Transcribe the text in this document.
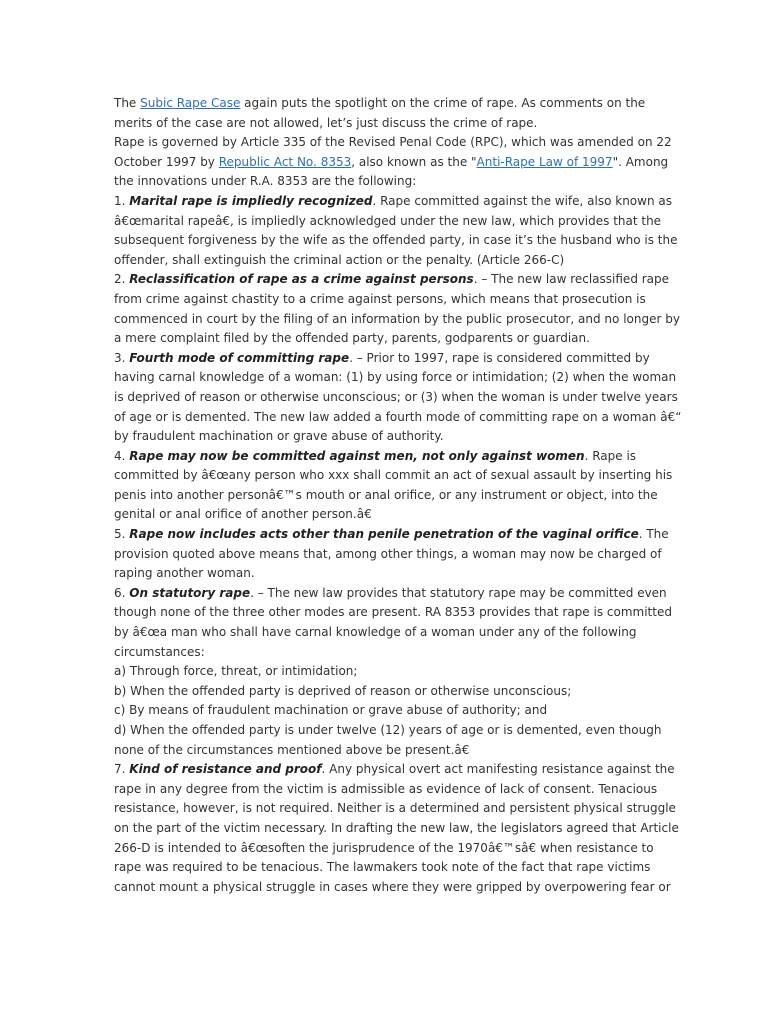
The Subic Rape Case again puts the spotlight on the crime of rape. As comments on the
merits of the case are not allowed, let’s just discuss the crime of rape.
Rape is governed by Article 335 of the Revised Penal Code (RPC), which was amended on 22
October 1997 by Republic Act No. 8353, also known as the "Anti-Rape Law of 1997". Among
the innovations under R.A. 8353 are the following:
1. Marital rape is impliedly recognized. Rape committed against the wife, also known as
â€œmarital rapeâ€, is impliedly acknowledged under the new law, which provides that the
subsequent forgiveness by the wife as the offended party, in case it’s the husband who is the
offender, shall extinguish the criminal action or the penalty. (Article 266-C)
2. Reclassification of rape as a crime against persons. – The new law reclassified rape
from crime against chastity to a crime against persons, which means that prosecution is
commenced in court by the filing of an information by the public prosecutor, and no longer by
a mere complaint filed by the offended party, parents, godparents or guardian.
3. Fourth mode of committing rape. – Prior to 1997, rape is considered committed by
having carnal knowledge of a woman: (1) by using force or intimidation; (2) when the woman
is deprived of reason or otherwise unconscious; or (3) when the woman is under twelve years
of age or is demented. The new law added a fourth mode of committing rape on a woman â€“
by fraudulent machination or grave abuse of authority.
4. Rape may now be committed against men, not only against women. Rape is
committed by â€œany person who xxx shall commit an act of sexual assault by inserting his
penis into another personâ€™s mouth or anal orifice, or any instrument or object, into the
genital or anal orifice of another person.â€
5. Rape now includes acts other than penile penetration of the vaginal orifice. The
provision quoted above means that, among other things, a woman may now be charged of
raping another woman.
6. On statutory rape. – The new law provides that statutory rape may be committed even
though none of the three other modes are present. RA 8353 provides that rape is committed
by â€œa man who shall have carnal knowledge of a woman under any of the following
circumstances:
a) Through force, threat, or intimidation;
b) When the offended party is deprived of reason or otherwise unconscious;
c) By means of fraudulent machination or grave abuse of authority; and
d) When the offended party is under twelve (12) years of age or is demented, even though
none of the circumstances mentioned above be present.â€
7. Kind of resistance and proof. Any physical overt act manifesting resistance against the
rape in any degree from the victim is admissible as evidence of lack of consent. Tenacious
resistance, however, is not required. Neither is a determined and persistent physical struggle
on the part of the victim necessary. In drafting the new law, the legislators agreed that Article
266-D is intended to â€œsoften the jurisprudence of the 1970â€™sâ€ when resistance to
rape was required to be tenacious. The lawmakers took note of the fact that rape victims
cannot mount a physical struggle in cases where they were gripped by overpowering fear or
